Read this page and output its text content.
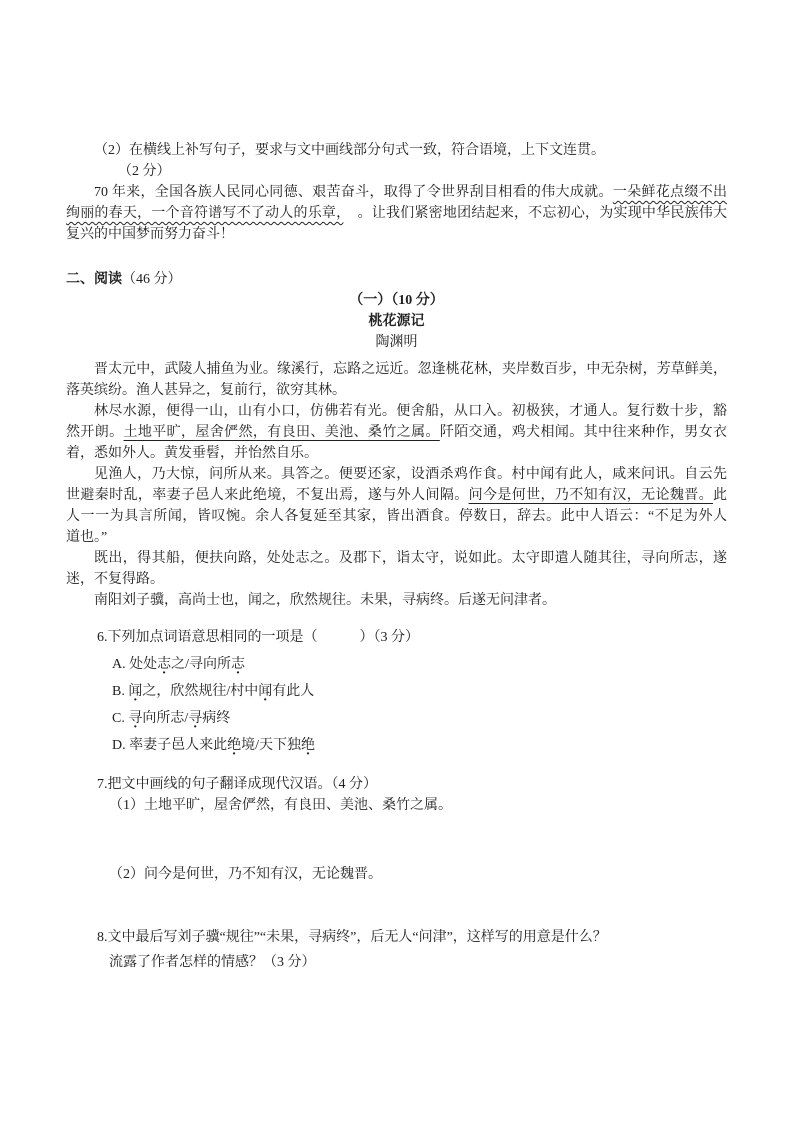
（2）在横线上补写句子，要求与文中画线部分句式一致，符合语境，上下文连贯。
（2 分）
70 年来，全国各族人民同心同德、艰苦奋斗，取得了令世界刮目相看的伟大成就。一朵鲜花点缀不出
绚丽的春天，一个音符谱写不了动人的乐章，　。让我们紧密地团结起来，不忘初心，为实现中华民族伟大
复兴的中国梦而努力奋斗！
二、阅读（46 分）
（一）（10 分）
桃花源记
陶渊明
晋太元中，武陵人捕鱼为业。缘溪行，忘路之远近。忽逢桃花林，夹岸数百步，中无杂树，芳草鲜美，
落英缤纷。渔人甚异之，复前行，欲穷其林。
林尽水源，便得一山，山有小口，仿佛若有光。便舍船，从口入。初极狭，才通人。复行数十步，豁
然开朗。土地平旷，屋舍俨然，有良田、美池、桑竹之属。阡陌交通，鸡犬相闻。其中往来种作，男女衣
着，悉如外人。黄发垂髫，并怡然自乐。
见渔人，乃大惊，问所从来。具答之。便要还家，设酒杀鸡作食。村中闻有此人，咸来问讯。自云先
世避秦时乱，率妻子邑人来此绝境，不复出焉，遂与外人间隔。问今是何世，乃不知有汉，无论魏晋。此
人一一为具言所闻，皆叹惋。余人各复延至其家，皆出酒食。停数日，辞去。此中人语云：“不足为外人
道也。”
既出，得其船，便扶向路，处处志之。及郡下，诣太守，说如此。太守即遣人随其往，寻向所志，遂
迷，不复得路。
南阳刘子骥，高尚士也，闻之，欣然规往。未果，寻病终。后遂无问津者。
6.下列加点词语意思相同的一项是（　　　）（3 分）
A. 处处志之/寻向所志
B. 闻之，欣然规往/村中闻有此人
C. 寻向所志/寻病终
D. 率妻子邑人来此绝境/天下独绝
7.把文中画线的句子翻译成现代汉语。（4 分）
（1）土地平旷，屋舍俨然，有良田、美池、桑竹之属。
（2）问今是何世，乃不知有汉，无论魏晋。
8.文中最后写刘子骥“规往”“未果，寻病终”，后无人“问津”，这样写的用意是什么？
流露了作者怎样的情感？（3 分）
